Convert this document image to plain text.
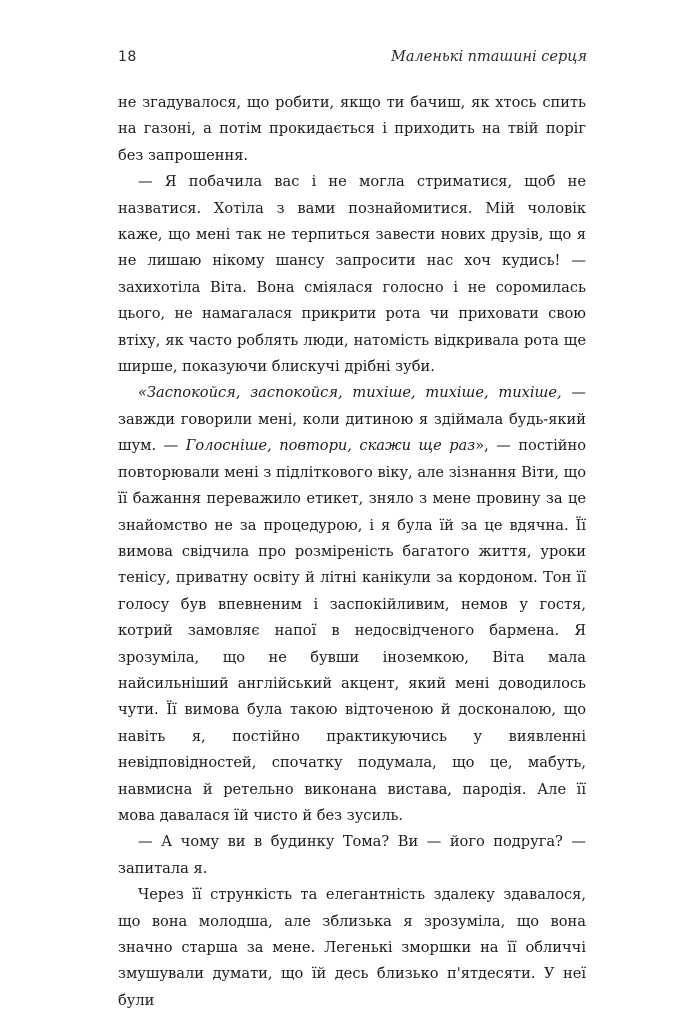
18	Маленькі пташині серця

не згадувалося, що робити, якщо ти бачиш, як хтось спить на газоні, а потім прокидається і приходить на твій поріг без запрошення.

— Я побачила вас і не могла стриматися, щоб не назватися. Хотіла з вами познайомитися. Мій чоловік каже, що мені так не терпиться завести нових друзів, що я не лишаю нікому шансу запросити нас хоч кудись! — захихотіла Віта. Вона сміялася голосно і не соромилась цього, не намагалася прикрити рота чи приховати свою втіху, як часто роблять люди, натомість відкривала рота ще ширше, показуючи блискучі дрібні зуби.

«Заспокойся, заспокойся, тихіше, тихіше, тихіше, — завжди говорили мені, коли дитиною я здіймала будь-який шум. — Голосніше, повтори, скажи ще раз», — постійно повторювали мені з підліткового віку, але зізнання Віти, що її бажання переважило етикет, зняло з мене провину за це знайомство не за процедурою, і я була їй за це вдячна. Її вимова свідчила про розміреність багатого життя, уроки тенісу, приватну освіту й літні канікули за кордоном. Тон її голосу був впевненим і заспокійливим, немов у гостя, котрий замовляє напої в недосвідченого бармена. Я зрозуміла, що не бувши іноземкою, Віта мала найсильніший англійський акцент, який мені доводилось чути. Її вимова була такою відточеною й досконалою, що навіть я, постійно практикуючись у виявленні невідповідностей, спочатку подумала, що це, мабуть, навмисна й ретельно виконана вистава, пародія. Але її мова давалася їй чисто й без зусиль.

— А чому ви в будинку Тома? Ви — його подруга? — запитала я.

Через її стрункість та елегантність здалеку здавалося, що вона молодша, але зблизька я зрозуміла, що вона значно старша за мене. Легенькі зморшки на її обличчі змушували думати, що їй десь близько п'ятдесяти. У неї були
